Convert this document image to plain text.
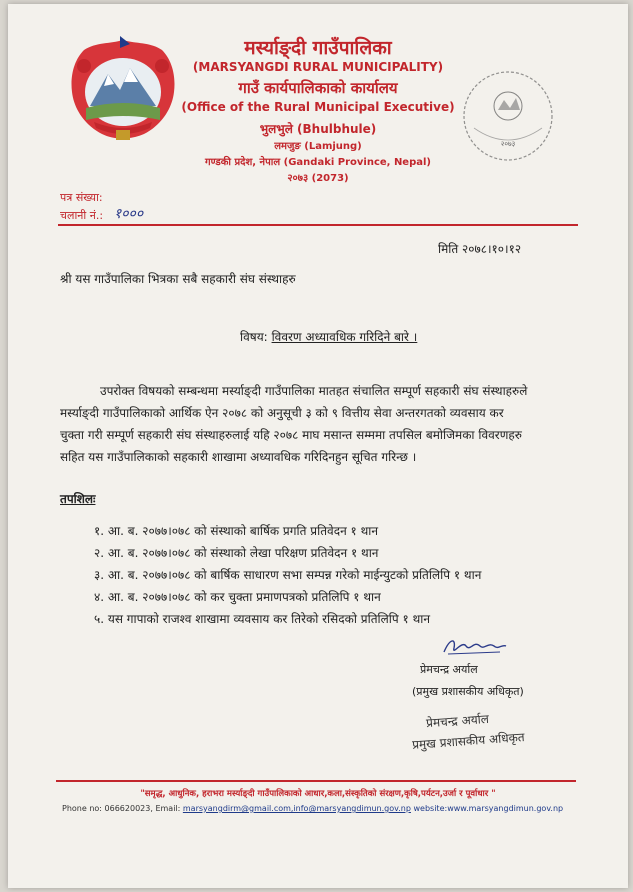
मर्स्याङ्दी गाउँपालिका
(MARSYANGDI RURAL MUNICIPALITY)
गाउँ कार्यपालिकाको कार्यालय
(Office of the Rural Municipal Executive)
भुलभुले (Bhulbhule)
लमजुङ (Lamjung)
गण्डकी प्रदेश, नेपाल (Gandaki Province, Nepal)
२०७३ (2073)
२०७३
पत्र संख्या:
चलानी नं.: १०००
मिति २०७८।१०।१२
श्री यस गाउँपालिका भित्रका सबै सहकारी संघ संस्थाहरु
विषय: विवरण अध्यावधिक गरिदिने बारे ।
उपरोक्त विषयको सम्बन्धमा मर्स्याङ्दी गाउँपालिका मातहत संचालित सम्पूर्ण सहकारी संघ संस्थाहरुले
मर्स्याङ्दी गाउँपालिकाको आर्थिक ऐन २०७८ को अनुसूची ३ को ९ वित्तीय सेवा अन्तरगतको व्यवसाय कर
चुक्ता गरी सम्पूर्ण सहकारी संघ संस्थाहरुलाई यहि २०७८ माघ मसान्त सम्ममा तपसिल बमोजिमका विवरणहरु
सहित यस गाउँपालिकाको सहकारी शाखामा अध्यावधिक गरिदिनहुन सूचित गरिन्छ ।
तपशिलः
१. आ. ब. २०७७।०७८ को संस्थाको बार्षिक प्रगति प्रतिवेदन १ थान
२. आ. ब. २०७७।०७८ को संस्थाको लेखा परिक्षण प्रतिवेदन १ थान
३. आ. ब. २०७७।०७८ को बार्षिक साधारण सभा सम्पन्न गरेको माईन्युटको प्रतिलिपि १ थान
४. आ. ब. २०७७।०७८ को कर चुक्ता प्रमाणपत्रको प्रतिलिपि १ थान
५. यस गापाको राजश्व शाखामा व्यवसाय कर तिरेको रसिदको प्रतिलिपि १ थान
प्रेमचन्द्र अर्याल
(प्रमुख प्रशासकीय अधिकृत)
प्रेमचन्द्र अर्याल
प्रमुख प्रशासकीय अधिकृत
"समृद्ध, आधुनिक, हराभरा मर्स्याङ्दी गाउँपालिकाको आधार,कला,संस्कृतिको संरक्षण,कृषि,पर्यटन,उर्जा र पूर्वाधार "
Phone no: 066620023, Email: marsyangdirm@gmail.com,info@marsyangdimun.gov.np website:www.marsyangdimun.gov.np
